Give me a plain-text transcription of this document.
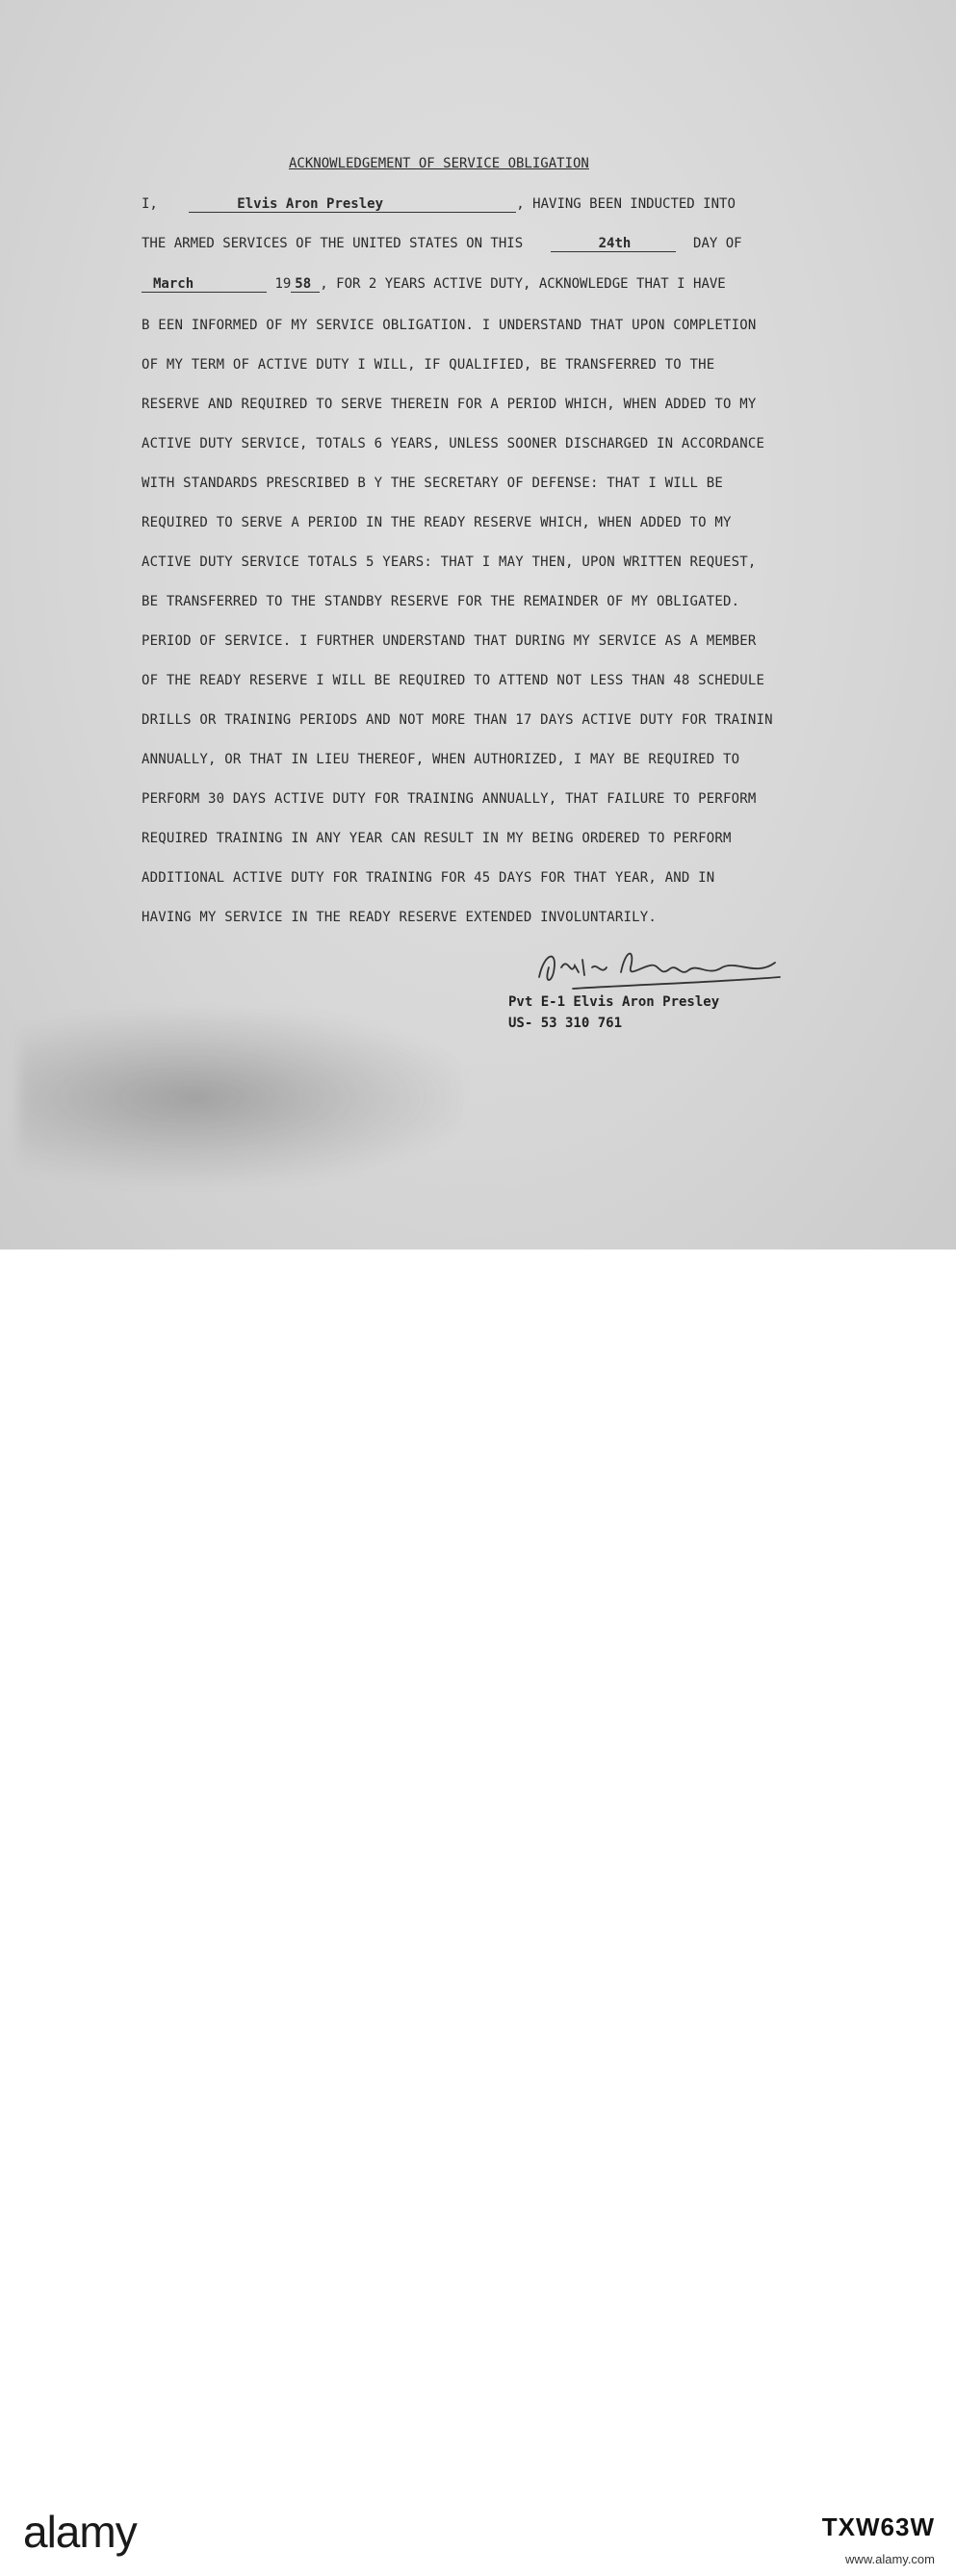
ACKNOWLEDGEMENT OF SERVICE OBLIGATION
I,	Elvis Aron Presley	, HAVING BEEN INDUCTED INTO
THE ARMED SERVICES OF THE UNITED STATES ON THIS	24th	DAY OF
March	19 58 , FOR 2 YEARS ACTIVE DUTY, ACKNOWLEDGE THAT I HAVE
B EEN INFORMED OF MY SERVICE OBLIGATION. I UNDERSTAND THAT UPON COMPLETION
OF MY TERM OF ACTIVE DUTY I WILL, IF QUALIFIED, BE TRANSFERRED TO THE
RESERVE AND REQUIRED TO SERVE THEREIN FOR A PERIOD WHICH, WHEN ADDED TO MY
ACTIVE DUTY SERVICE, TOTALS 6 YEARS, UNLESS SOONER DISCHARGED IN ACCORDANCE
WITH STANDARDS PRESCRIBED B Y THE SECRETARY OF DEFENSE: THAT I WILL BE
REQUIRED TO SERVE A PERIOD IN THE READY RESERVE WHICH, WHEN ADDED TO MY
ACTIVE DUTY SERVICE TOTALS 5 YEARS: THAT I MAY THEN, UPON WRITTEN REQUEST,
BE TRANSFERRED TO THE STANDBY RESERVE FOR THE REMAINDER OF MY OBLIGATED.
PERIOD OF SERVICE. I FURTHER UNDERSTAND THAT DURING MY SERVICE AS A MEMBER
OF THE READY RESERVE I WILL BE REQUIRED TO ATTEND NOT LESS THAN 48 SCHEDULE
DRILLS OR TRAINING PERIODS AND NOT MORE THAN 17 DAYS ACTIVE DUTY FOR TRAININ
ANNUALLY, OR THAT IN LIEU THEREOF, WHEN AUTHORIZED, I MAY BE REQUIRED TO
PERFORM 30 DAYS ACTIVE DUTY FOR TRAINING ANNUALLY, THAT FAILURE TO PERFORM
REQUIRED TRAINING IN ANY YEAR CAN RESULT IN MY BEING ORDERED TO PERFORM
ADDITIONAL ACTIVE DUTY FOR TRAINING FOR 45 DAYS FOR THAT YEAR, AND IN
HAVING MY SERVICE IN THE READY RESERVE EXTENDED INVOLUNTARILY.
Pvt E-1 Elvis Aron Presley
US- 53 310 761
alamy	TXW63W
www.alamy.com
